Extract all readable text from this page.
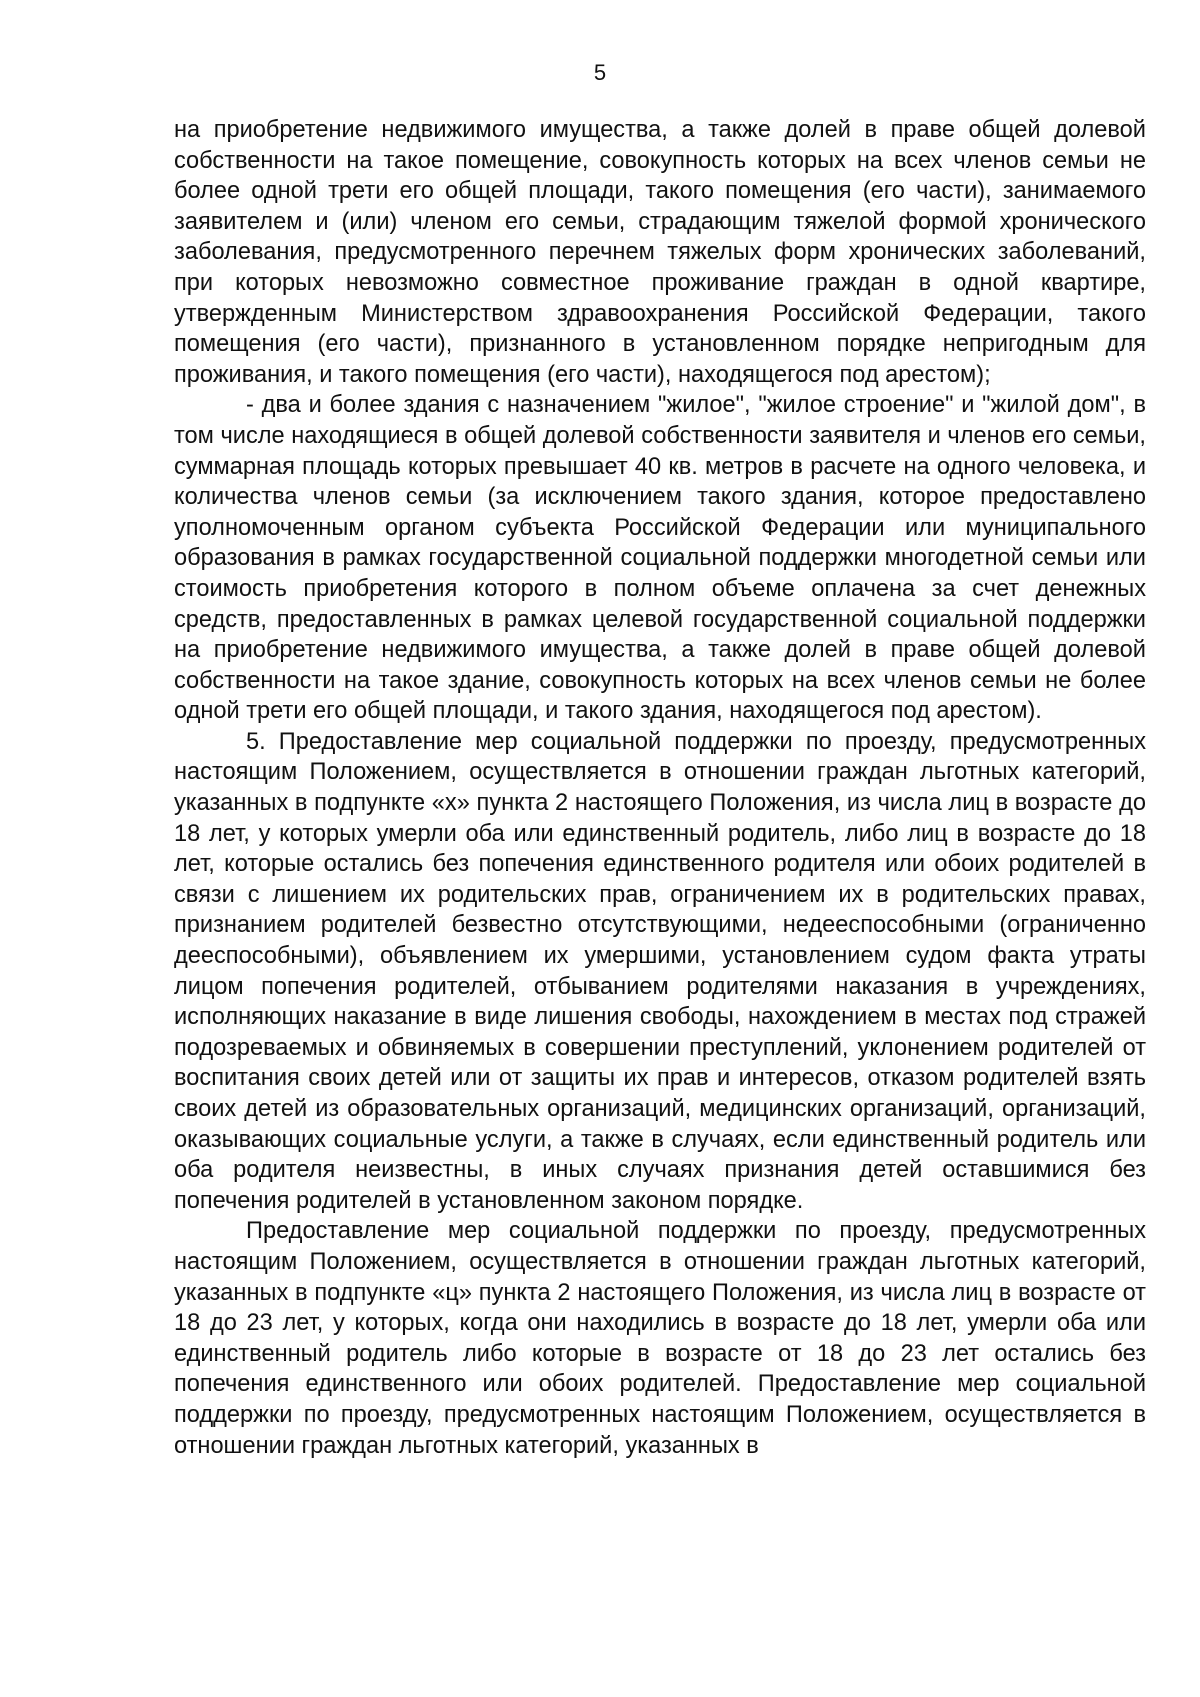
5

на приобретение недвижимого имущества, а также долей в праве общей долевой собственности на такое помещение, совокупность которых на всех членов семьи не более одной трети его общей площади, такого помещения (его части), занимаемого заявителем и (или) членом его семьи, страдающим тяжелой формой хронического заболевания, предусмотренного перечнем тяжелых форм хронических заболеваний, при которых невозможно совместное проживание граждан в одной квартире, утвержденным Министерством здравоохранения Российской Федерации, такого помещения (его части), признанного в установленном порядке непригодным для проживания, и такого помещения (его части), находящегося под арестом);

- два и более здания с назначением "жилое", "жилое строение" и "жилой дом", в том числе находящиеся в общей долевой собственности заявителя и членов его семьи, суммарная площадь которых превышает 40 кв. метров в расчете на одного человека, и количества членов семьи (за исключением такого здания, которое предоставлено уполномоченным органом субъекта Российской Федерации или муниципального образования в рамках государственной социальной поддержки многодетной семьи или стоимость приобретения которого в полном объеме оплачена за счет денежных средств, предоставленных в рамках целевой государственной социальной поддержки на приобретение недвижимого имущества, а также долей в праве общей долевой собственности на такое здание, совокупность которых на всех членов семьи не более одной трети его общей площади, и такого здания, находящегося под арестом).

5. Предоставление мер социальной поддержки по проезду, предусмотренных настоящим Положением, осуществляется в отношении граждан льготных категорий, указанных в подпункте «х» пункта 2 настоящего Положения, из числа лиц в возрасте до 18 лет, у которых умерли оба или единственный родитель, либо лиц в возрасте до 18 лет, которые остались без попечения единственного родителя или обоих родителей в связи с лишением их родительских прав, ограничением их в родительских правах, признанием родителей безвестно отсутствующими, недееспособными (ограниченно дееспособными), объявлением их умершими, установлением судом факта утраты лицом попечения родителей, отбыванием родителями наказания в учреждениях, исполняющих наказание в виде лишения свободы, нахождением в местах под стражей подозреваемых и обвиняемых в совершении преступлений, уклонением родителей от воспитания своих детей или от защиты их прав и интересов, отказом родителей взять своих детей из образовательных организаций, медицинских организаций, организаций, оказывающих социальные услуги, а также в случаях, если единственный родитель или оба родителя неизвестны, в иных случаях признания детей оставшимися без попечения родителей в установленном законом порядке.

Предоставление мер социальной поддержки по проезду, предусмотренных настоящим Положением, осуществляется в отношении граждан льготных категорий, указанных в подпункте «ц» пункта 2 настоящего Положения, из числа лиц в возрасте от 18 до 23 лет, у которых, когда они находились в возрасте до 18 лет, умерли оба или единственный родитель либо которые в возрасте от 18 до 23 лет остались без попечения единственного или обоих родителей. Предоставление мер социальной поддержки по проезду, предусмотренных настоящим Положением, осуществляется в отношении граждан льготных категорий, указанных в
